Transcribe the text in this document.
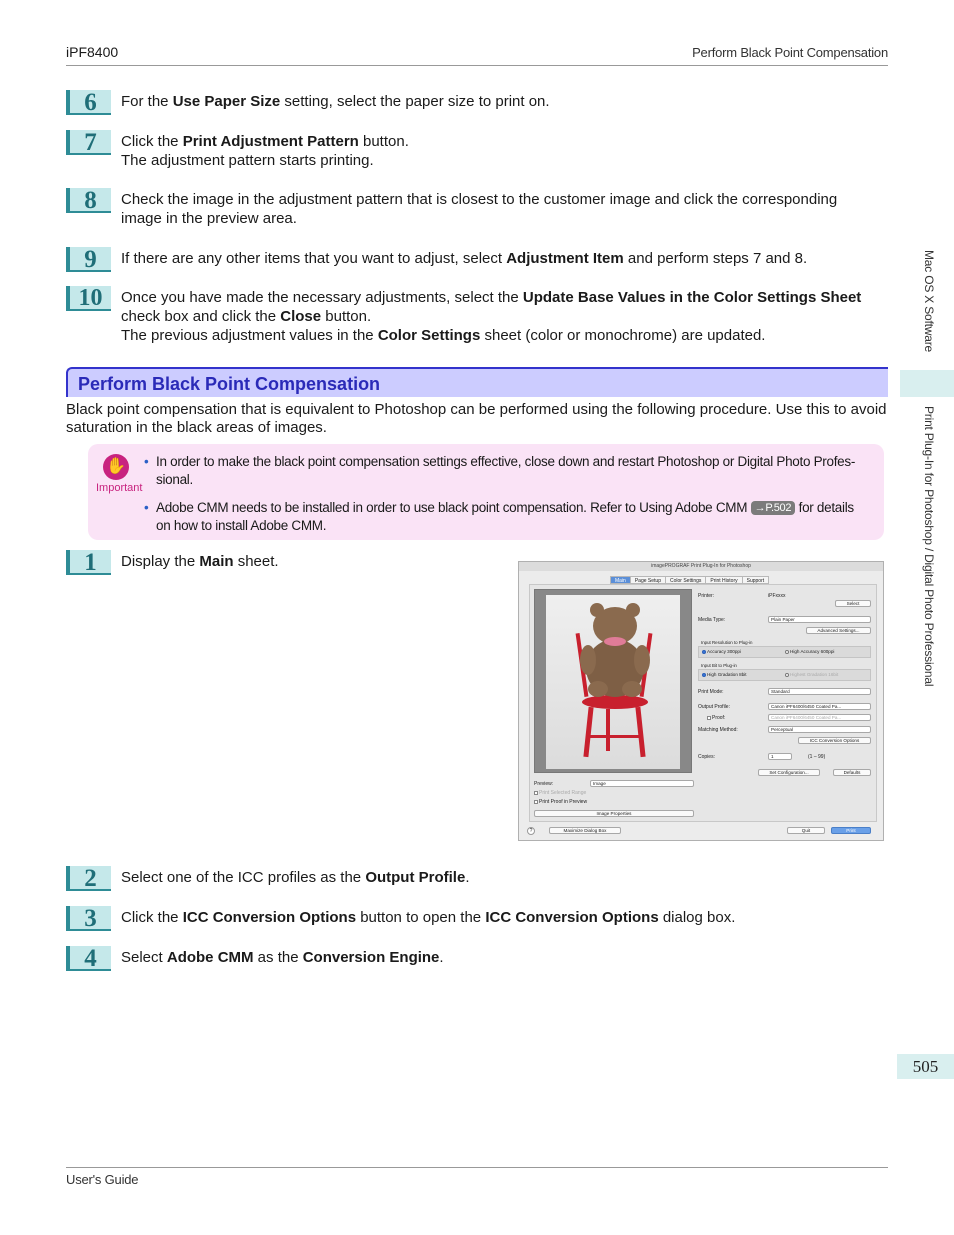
iPF8400	Perform Black Point Compensation
6	For the Use Paper Size setting, select the paper size to print on.
7	Click the Print Adjustment Pattern button.
The adjustment pattern starts printing.
8	Check the image in the adjustment pattern that is closest to the customer image and click the corresponding image in the preview area.
9	If there are any other items that you want to adjust, select Adjustment Item and perform steps 7 and 8.
10	Once you have made the necessary adjustments, select the Update Base Values in the Color Settings Sheet check box and click the Close button.
The previous adjustment values in the Color Settings sheet (color or monochrome) are updated.
Perform Black Point Compensation
Black point compensation that is equivalent to Photoshop can be performed using the following procedure. Use this to avoid saturation in the black areas of images.
✋
Important
• In order to make the black point compensation settings effective, close down and restart Photoshop or Digital Photo Profes-sional.
• Adobe CMM needs to be installed in order to use black point compensation. Refer to Using Adobe CMM →P.502 for details on how to install Adobe CMM.
1	Display the Main sheet.	imagePROGRAF Print Plug-In for Photoshop
Main	Page Setup	Color Settings	Print History	Support
Printer:	iPFxxxx
Select
Media Type:	Plain Paper
Advanced Settings...
Input Resolution to Plug-in
Accuracy 300ppi	High Accuracy 600ppi
Input Bit to Plug-in
High Gradation 8bit	Highest Gradation 16bit
Print Mode:	Standard
Output Profile:	Canon iPF6400/6450 Coated Pa...
Proof:	Canon iPF6400/6450 Coated Pa...
Matching Method:	Perceptual
ICC Conversion Options
Copies:	1	(1 – 99)
Set Configuration...	Defaults
Preview:	Image
Print Selected Range
Print Proof in Preview
Image Properties
?	Maximize Dialog Box	Quit	Print
2	Select one of the ICC profiles as the Output Profile.
3	Click the ICC Conversion Options button to open the ICC Conversion Options dialog box.
4	Select Adobe CMM as the Conversion Engine.
Mac OS X Software
Print Plug-In for Photoshop / Digital Photo Professional
505
User's Guide
